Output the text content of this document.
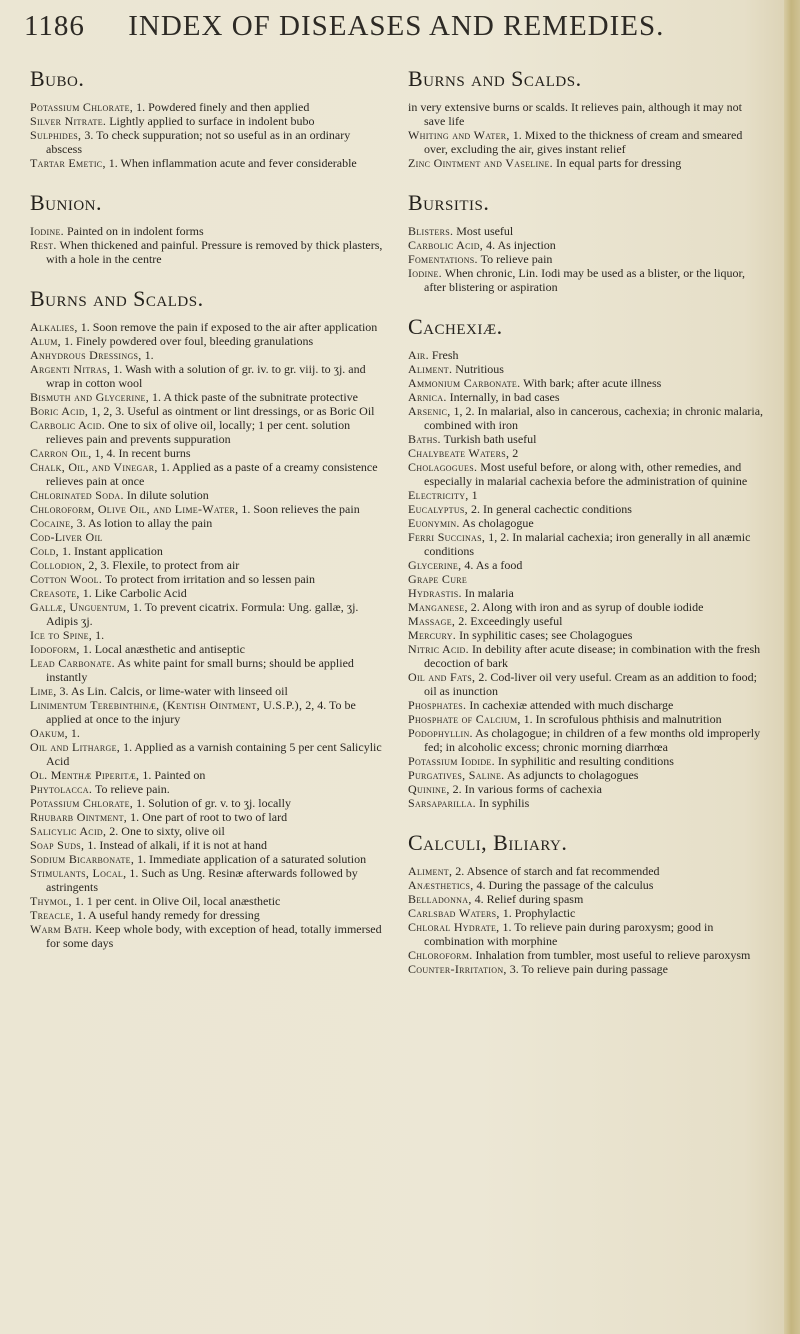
1186 INDEX OF DISEASES AND REMEDIES.
Bubo.

Potassium Chlorate, 1. Powdered finely and then applied

Silver Nitrate. Lightly applied to surface in indolent bubo

Sulphides, 3. To check suppuration; not so useful as in an ordinary abscess

Tartar Emetic, 1. When inflammation acute and fever considerable

Bunion.

Iodine. Painted on in indolent forms

Rest. When thickened and painful. Pressure is removed by thick plasters, with a hole in the centre

Burns and Scalds.

Alkalies, 1. Soon remove the pain if exposed to the air after application

Alum, 1. Finely powdered over foul, bleeding granulations

Anhydrous Dressings, 1.

Argenti Nitras, 1. Wash with a solution of gr. iv. to gr. viij. to ʒj. and wrap in cotton wool

Bismuth and Glycerine, 1. A thick paste of the subnitrate protective

Boric Acid, 1, 2, 3. Useful as ointment or lint dressings, or as Boric Oil

Carbolic Acid. One to six of olive oil, locally; 1 per cent. solution relieves pain and prevents suppuration

Carron Oil, 1, 4. In recent burns

Chalk, Oil, and Vinegar, 1. Applied as a paste of a creamy consistence relieves pain at once

Chlorinated Soda. In dilute solution

Chloroform, Olive Oil, and Lime-Water, 1. Soon relieves the pain

Cocaine, 3. As lotion to allay the pain

Cod-Liver Oil

Cold, 1. Instant application

Collodion, 2, 3. Flexile, to protect from air

Cotton Wool. To protect from irritation and so lessen pain

Creasote, 1. Like Carbolic Acid

Gallæ, Unguentum, 1. To prevent cicatrix. Formula: Ung. gallæ, ʒj. Adipis ʒj.

Ice to Spine, 1.

Iodoform, 1. Local anæsthetic and antiseptic

Lead Carbonate. As white paint for small burns; should be applied instantly

Lime, 3. As Lin. Calcis, or lime-water with linseed oil

Linimentum Terebinthinæ, (Kentish Ointment, U.S.P.), 2, 4. To be applied at once to the injury

Oakum, 1.

Oil and Litharge, 1. Applied as a varnish containing 5 per cent Salicylic Acid

Ol. Menthæ Piperitæ, 1. Painted on

Phytolacca. To relieve pain.

Potassium Chlorate, 1. Solution of gr. v. to ʒj. locally

Rhubarb Ointment, 1. One part of root to two of lard

Salicylic Acid, 2. One to sixty, olive oil

Soap Suds, 1. Instead of alkali, if it is not at hand

Sodium Bicarbonate, 1. Immediate application of a saturated solution

Stimulants, Local, 1. Such as Ung. Resinæ afterwards followed by astringents

Thymol, 1. 1 per cent. in Olive Oil, local anæsthetic

Treacle, 1. A useful handy remedy for dressing

Warm Bath. Keep whole body, with exception of head, totally immersed for some days

Burns and Scalds.

in very extensive burns or scalds. It relieves pain, although it may not save life

Whiting and Water, 1. Mixed to the thickness of cream and smeared over, excluding the air, gives instant relief

Zinc Ointment and Vaseline. In equal parts for dressing

Bursitis.

Blisters. Most useful

Carbolic Acid, 4. As injection

Fomentations. To relieve pain

Iodine. When chronic, Lin. Iodi may be used as a blister, or the liquor, after blistering or aspiration

Cachexiæ.

Air. Fresh

Aliment. Nutritious

Ammonium Carbonate. With bark; after acute illness

Arnica. Internally, in bad cases

Arsenic, 1, 2. In malarial, also in cancerous, cachexia; in chronic malaria, combined with iron

Baths. Turkish bath useful

Chalybeate Waters, 2

Cholagogues. Most useful before, or along with, other remedies, and especially in malarial cachexia before the administration of quinine

Electricity, 1

Eucalyptus, 2. In general cachectic conditions

Euonymin. As cholagogue

Ferri Succinas, 1, 2. In malarial cachexia; iron generally in all anæmic conditions

Glycerine, 4. As a food

Grape Cure

Hydrastis. In malaria

Manganese, 2. Along with iron and as syrup of double iodide

Massage, 2. Exceedingly useful

Mercury. In syphilitic cases; see Cholagogues

Nitric Acid. In debility after acute disease; in combination with the fresh decoction of bark

Oil and Fats, 2. Cod-liver oil very useful. Cream as an addition to food; oil as inunction

Phosphates. In cachexiæ attended with much discharge

Phosphate of Calcium, 1. In scrofulous phthisis and malnutrition

Podophyllin. As cholagogue; in children of a few months old improperly fed; in alcoholic excess; chronic morning diarrhœa

Potassium Iodide. In syphilitic and resulting conditions

Purgatives, Saline. As adjuncts to cholagogues

Quinine, 2. In various forms of cachexia

Sarsaparilla. In syphilis

Calculi, Biliary.

Aliment, 2. Absence of starch and fat recommended

Anæsthetics, 4. During the passage of the calculus

Belladonna, 4. Relief during spasm

Carlsbad Waters, 1. Prophylactic

Chloral Hydrate, 1. To relieve pain during paroxysm; good in combination with morphine

Chloroform. Inhalation from tumbler, most useful to relieve paroxysm

Counter-Irritation, 3. To relieve pain during passage
